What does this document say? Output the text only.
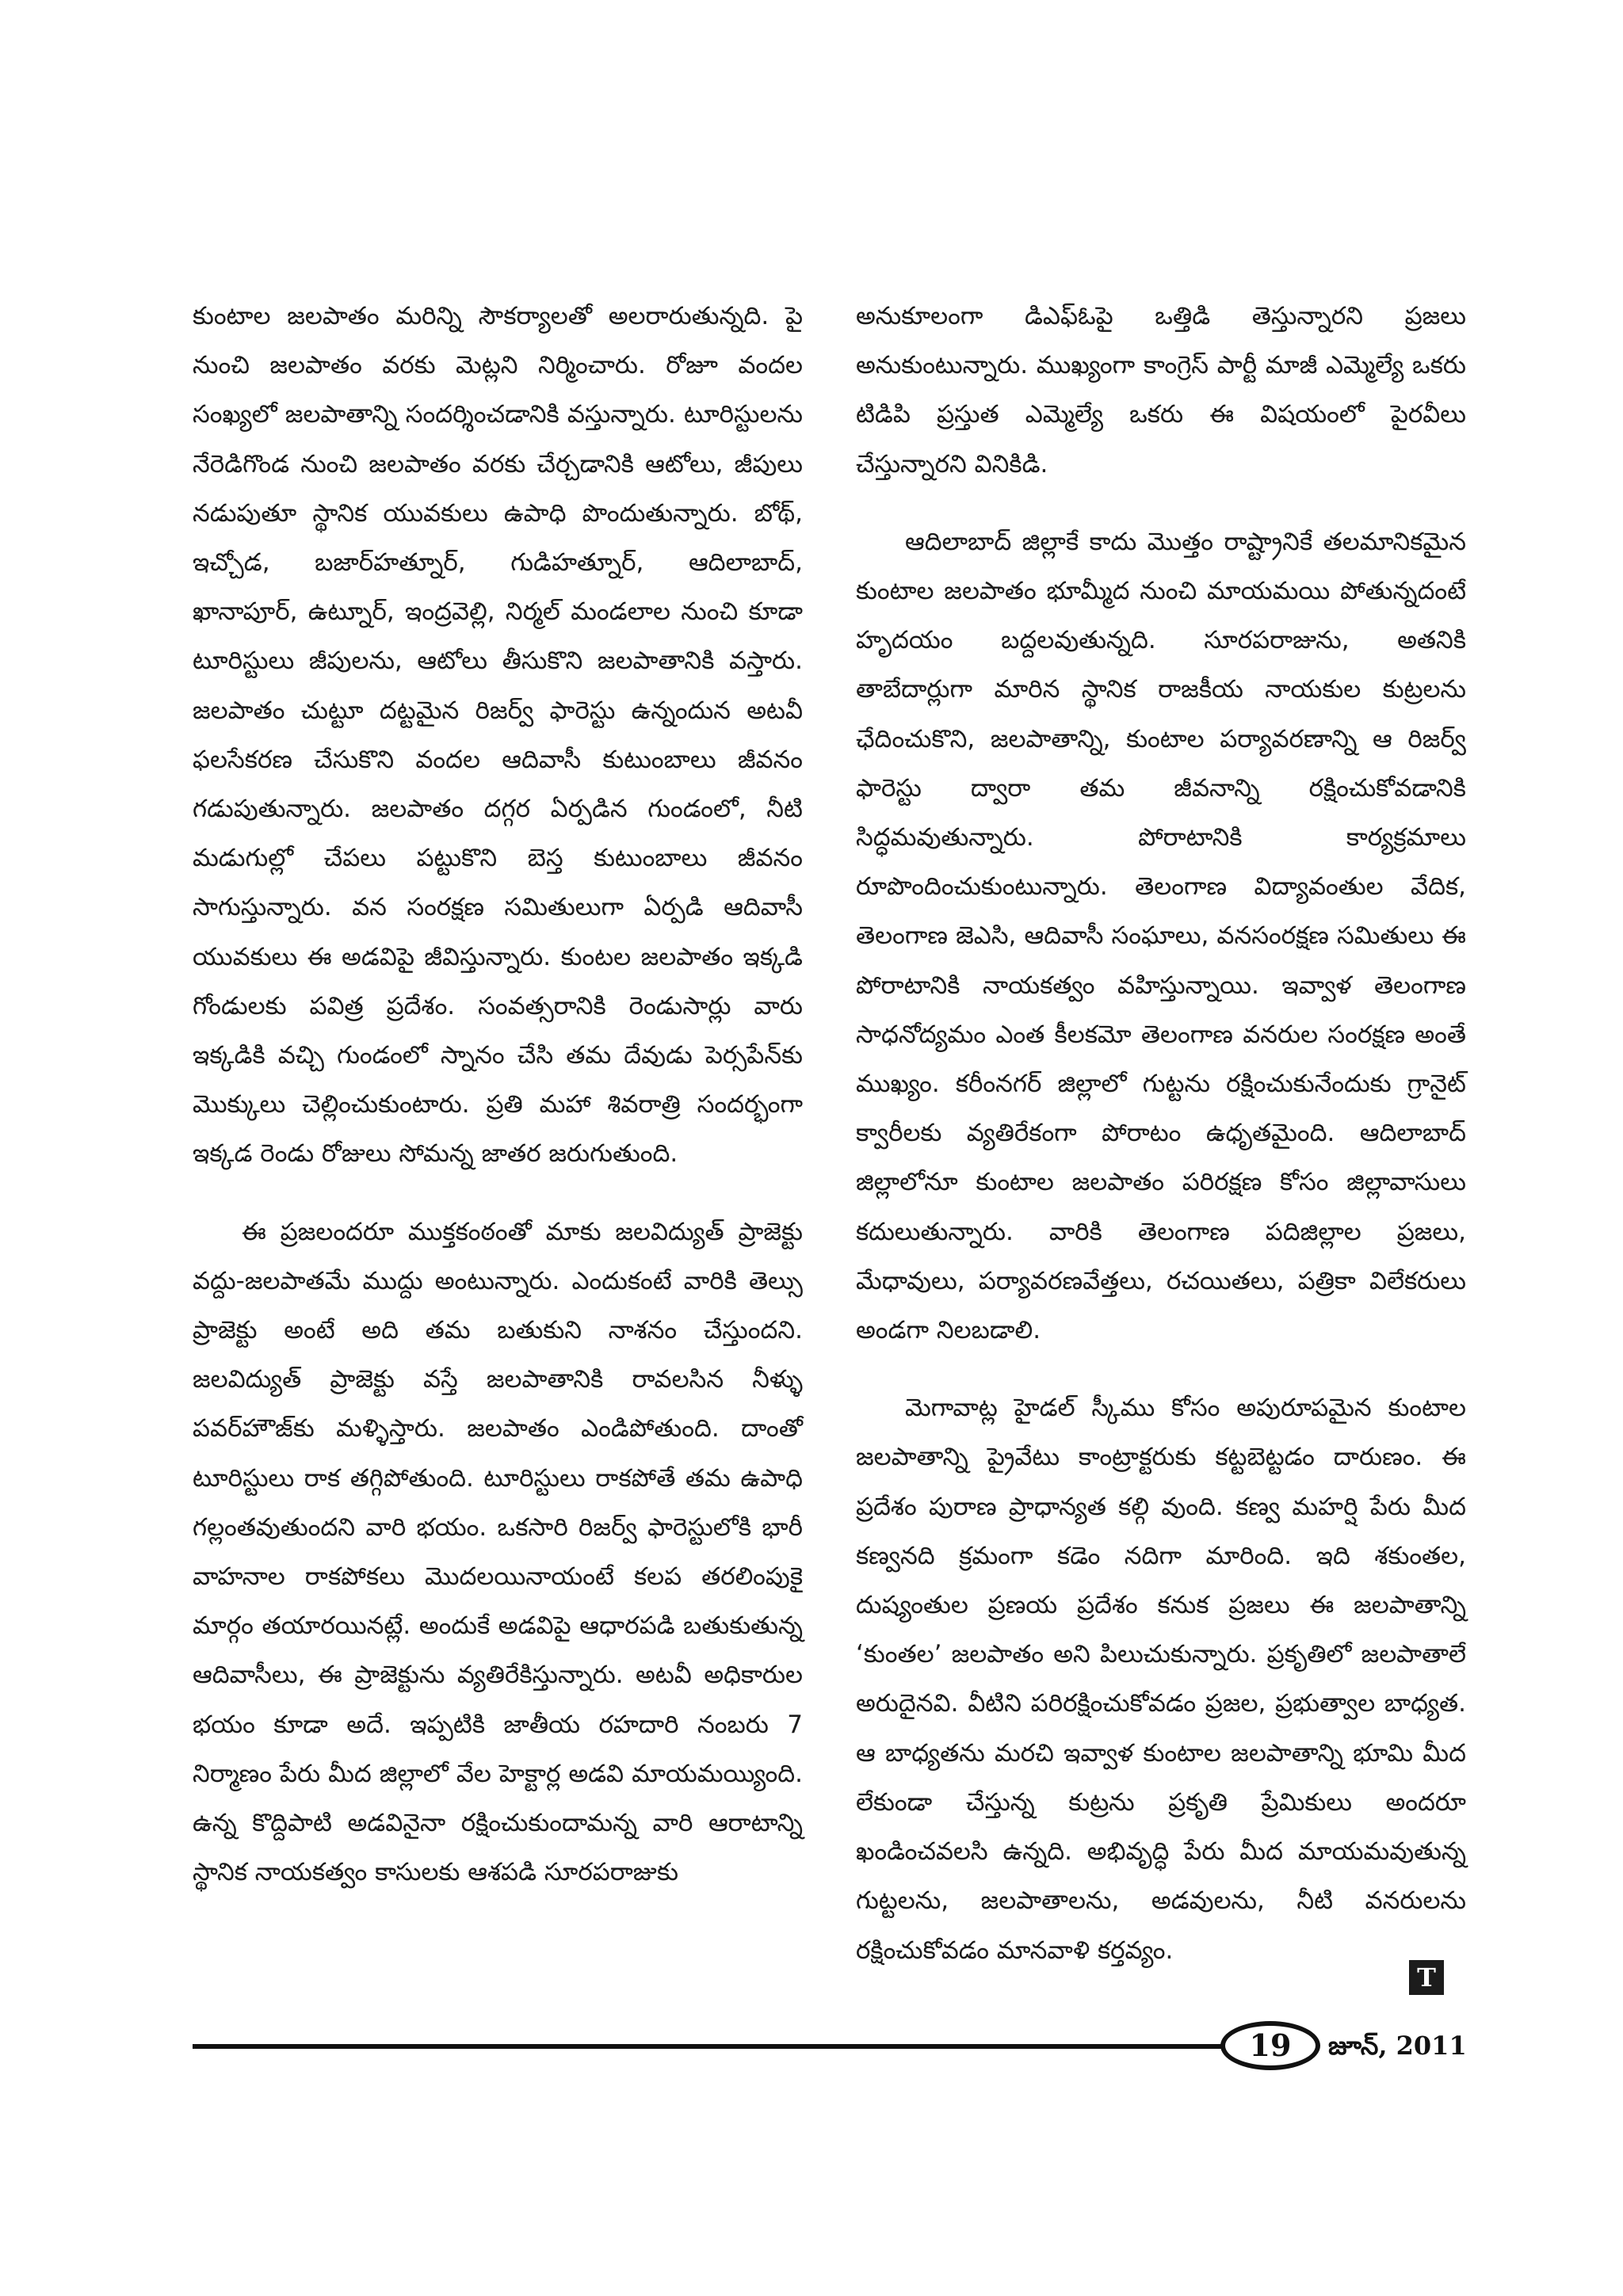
కుంటాల జలపాతం మరిన్ని సౌకర్యాలతో అలరారుతున్నది. పై నుంచి జలపాతం వరకు మెట్లని నిర్మించారు. రోజూ వందల సంఖ్యలో జలపాతాన్ని సందర్శించడానికి వస్తున్నారు. టూరిస్టులను నేరెడిగొండ నుంచి జలపాతం వరకు చేర్చడానికి ఆటోలు, జీపులు నడుపుతూ స్థానిక యువకులు ఉపాధి పొందుతున్నారు. బోథ్, ఇచ్చోడ, బజార్‌హత్నూర్, గుడిహత్నూర్, ఆదిలాబాద్, ఖానాపూర్, ఉట్నూర్, ఇంద్రవెల్లి, నిర్మల్ మండలాల నుంచి కూడా టూరిస్టులు జీపులను, ఆటోలు తీసుకొని జలపాతానికి వస్తారు. జలపాతం చుట్టూ దట్టమైన రిజర్వ్ ఫారెస్టు ఉన్నందున అటవీ ఫలసేకరణ చేసుకొని వందల ఆదివాసీ కుటుంబాలు జీవనం గడుపుతున్నారు. జలపాతం దగ్గర ఏర్పడిన గుండంలో, నీటి మడుగుల్లో చేపలు పట్టుకొని బెస్త కుటుంబాలు జీవనం సాగుస్తున్నారు. వన సంరక్షణ సమితులుగా ఏర్పడి ఆదివాసీ యువకులు ఈ అడవిపై జీవిస్తున్నారు. కుంటల జలపాతం ఇక్కడి గోండులకు పవిత్ర ప్రదేశం. సంవత్సరానికి రెండుసార్లు వారు ఇక్కడికి వచ్చి గుండంలో స్నానం చేసి తమ దేవుడు పెర్సపేన్‌కు మొక్కులు చెల్లించుకుంటారు. ప్రతి మహా శివరాత్రి సందర్భంగా ఇక్కడ రెండు రోజులు సోమన్న జాతర జరుగుతుంది.

ఈ ప్రజలందరూ ముక్తకంఠంతో మాకు జలవిద్యుత్ ప్రాజెక్టు వద్దు-జలపాతమే ముద్దు అంటున్నారు. ఎందుకంటే వారికి తెల్సు ప్రాజెక్టు అంటే అది తమ బతుకుని నాశనం చేస్తుందని. జలవిద్యుత్ ప్రాజెక్టు వస్తే జలపాతానికి రావలసిన నీళ్ళు పవర్‌హౌజ్‌కు మళ్ళిస్తారు. జలపాతం ఎండిపోతుంది. దాంతో టూరిస్టులు రాక తగ్గిపోతుంది. టూరిస్టులు రాకపోతే తమ ఉపాధి గల్లంతవుతుందని వారి భయం. ఒకసారి రిజర్వ్ ఫారెస్టులోకి భారీ వాహనాల రాకపోకలు మొదలయినాయంటే కలప తరలింపుకై మార్గం తయారయినట్లే. అందుకే అడవిపై ఆధారపడి బతుకుతున్న ఆదివాసీలు, ఈ ప్రాజెక్టును వ్యతిరేకిస్తున్నారు. అటవీ అధికారుల భయం కూడా అదే. ఇప్పటికి జాతీయ రహదారి నంబరు 7 నిర్మాణం పేరు మీద జిల్లాలో వేల హెక్టార్ల అడవి మాయమయ్యింది. ఉన్న కొద్దిపాటి అడవినైనా రక్షించుకుందామన్న వారి ఆరాటాన్ని స్థానిక నాయకత్వం కాసులకు ఆశపడి సూరపరాజుకు

అనుకూలంగా డిఎఫ్‌ఓపై ఒత్తిడి తెస్తున్నారని ప్రజలు అనుకుంటున్నారు. ముఖ్యంగా కాంగ్రెస్ పార్టీ మాజీ ఎమ్మెల్యే ఒకరు టిడిపి ప్రస్తుత ఎమ్మెల్యే ఒకరు ఈ విషయంలో పైరవీలు చేస్తున్నారని వినికిడి.

ఆదిలాబాద్ జిల్లాకే కాదు మొత్తం రాష్ట్రానికే తలమానికమైన కుంటాల జలపాతం భూమ్మీద నుంచి మాయమయి పోతున్నదంటే హృదయం బద్దలవుతున్నది. సూరపరాజును, అతనికి తాబేదార్లుగా మారిన స్థానిక రాజకీయ నాయకుల కుట్రలను ఛేదించుకొని, జలపాతాన్ని, కుంటాల పర్యావరణాన్ని ఆ రిజర్వ్ ఫారెస్టు ద్వారా తమ జీవనాన్ని రక్షించుకోవడానికి సిద్ధమవుతున్నారు. పోరాటానికి కార్యక్రమాలు రూపొందించుకుంటున్నారు. తెలంగాణ విద్యావంతుల వేదిక, తెలంగాణ జెఎసి, ఆదివాసీ సంఘాలు, వనసంరక్షణ సమితులు ఈ పోరాటానికి నాయకత్వం వహిస్తున్నాయి. ఇవ్వాళ తెలంగాణ సాధనోద్యమం ఎంత కీలకమో తెలంగాణ వనరుల సంరక్షణ అంతే ముఖ్యం. కరీంనగర్ జిల్లాలో గుట్టను రక్షించుకునేందుకు గ్రానైట్ క్వారీలకు వ్యతిరేకంగా పోరాటం ఉధృతమైంది. ఆదిలాబాద్ జిల్లాలోనూ కుంటాల జలపాతం పరిరక్షణ కోసం జిల్లావాసులు కదులుతున్నారు. వారికి తెలంగాణ పదిజిల్లాల ప్రజలు, మేధావులు, పర్యావరణవేత్తలు, రచయితలు, పత్రికా విలేకరులు అండగా నిలబడాలి.

మెగావాట్ల హైడల్ స్కీము కోసం అపురూపమైన కుంటాల జలపాతాన్ని ప్రైవేటు కాంట్రాక్టరుకు కట్టబెట్టడం దారుణం. ఈ ప్రదేశం పురాణ ప్రాధాన్యత కల్గి వుంది. కణ్వ మహర్షి పేరు మీద కణ్వనది క్రమంగా కడెం నదిగా మారింది. ఇది శకుంతల, దుష్యంతుల ప్రణయ ప్రదేశం కనుక ప్రజలు ఈ జలపాతాన్ని ‘కుంతల’ జలపాతం అని పిలుచుకున్నారు. ప్రకృతిలో జలపాతాలే అరుదైనవి. వీటిని పరిరక్షించుకోవడం ప్రజల, ప్రభుత్వాల బాధ్యత. ఆ బాధ్యతను మరచి ఇవ్వాళ కుంటాల జలపాతాన్ని భూమి మీద లేకుండా చేస్తున్న కుట్రను ప్రకృతి ప్రేమికులు అందరూ ఖండించవలసి ఉన్నది. అభివృద్ధి పేరు మీద మాయమవుతున్న గుట్టలను, జలపాతాలను, అడవులను, నీటి వనరులను రక్షించుకోవడం మానవాళి కర్తవ్యం.

T
19	జూన్, 2011
